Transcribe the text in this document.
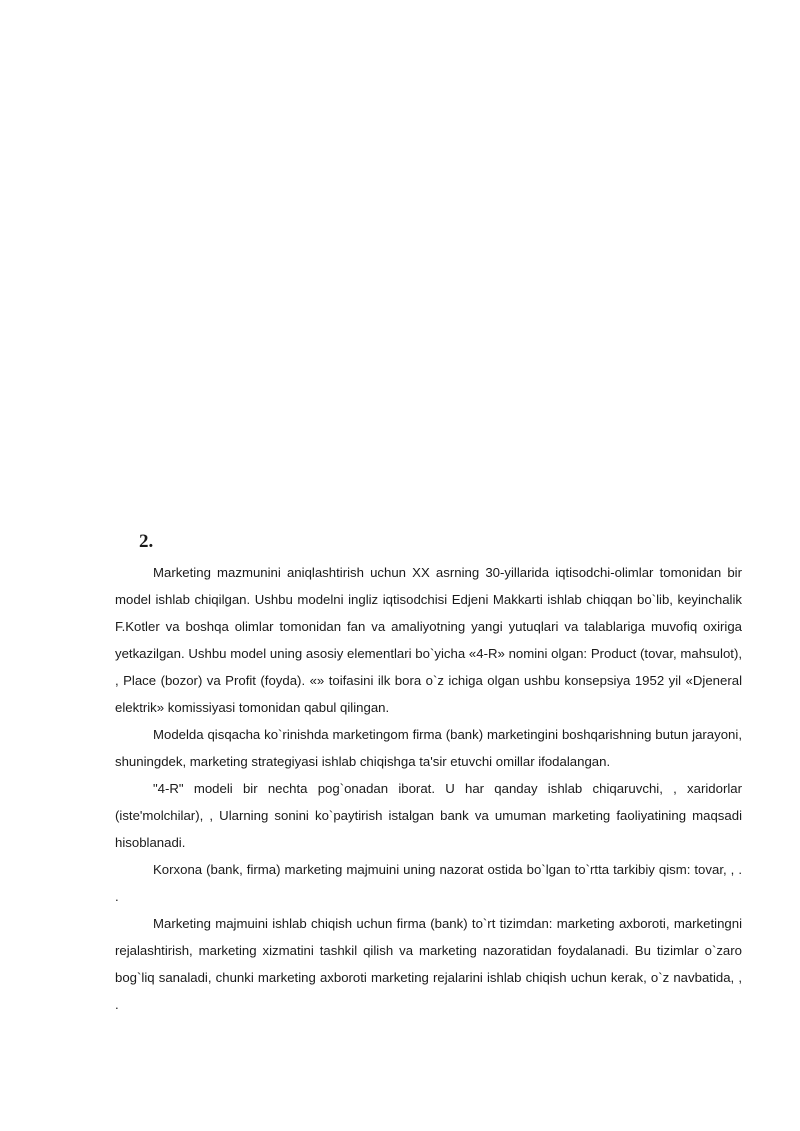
2.

Marketing mazmunini aniqlashtirish uchun XX asrning 30-yillarida iqtisodchi-olimlar tomonidan bir model ishlab chiqilgan. Ushbu modelni ingliz iqtisodchisi Edjeni Makkarti ishlab chiqqan bo`lib, keyinchalik F.Kotler va boshqa olimlar tomonidan fan va amaliyotning yangi yutuqlari va talablariga muvofiq oxiriga yetkazilgan. Ushbu model uning asosiy elementlari bo`yicha «4-R» nomini olgan: Product (tovar, mahsulot), , Place (bozor) va Profit (foyda). «» toifasini ilk bora o`z ichiga olgan ushbu konsepsiya 1952 yil «Djeneral elektrik» komissiyasi tomonidan qabul qilingan.

Modelda qisqacha ko`rinishda marketingom firma (bank) marketingini boshqarishning butun jarayoni, shuningdek, marketing strategiyasi ishlab chiqishga ta'sir etuvchi omillar ifodalangan.

"4-R" modeli bir nechta pog`onadan iborat. U har qanday ishlab chiqaruvchi, , xaridorlar (iste'molchilar), , Ularning sonini ko`paytirish istalgan bank va umuman marketing faoliyatining maqsadi hisoblanadi.

Korxona (bank, firma) marketing majmuini uning nazorat ostida bo`lgan to`rtta tarkibiy qism: tovar, , . .

Marketing majmuini ishlab chiqish uchun firma (bank) to`rt tizimdan: marketing axboroti, marketingni rejalashtirish, marketing xizmatini tashkil qilish va marketing nazoratidan foydalanadi. Bu tizimlar o`zaro bog`liq sanaladi, chunki marketing axboroti marketing rejalarini ishlab chiqish uchun kerak, o`z navbatida, , .
